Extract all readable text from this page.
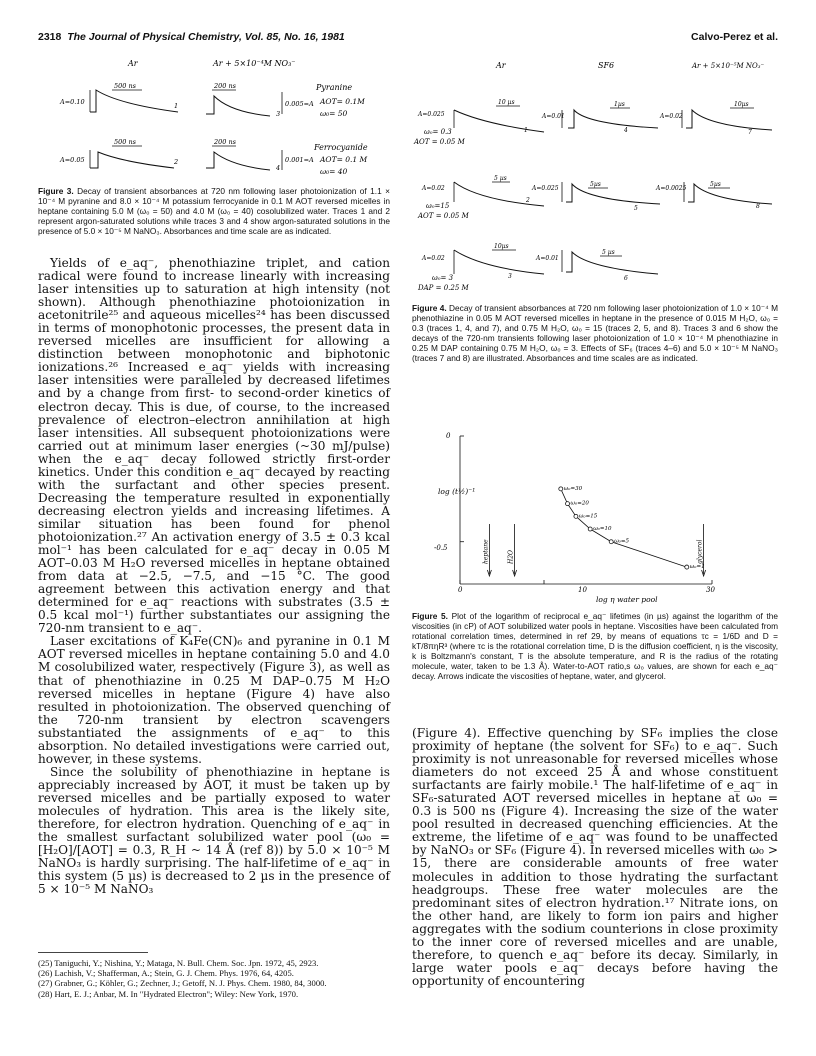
2318 The Journal of Physical Chemistry, Vol. 85, No. 16, 1981	Calvo-Perez et al.
Ar	Ar + 5×10⁻⁴M NO₃⁻
500 ns
A=0.10	1
200 ns
3
0.005=A
Pyranine
AOT= 0.1M
ω₀= 50
500 ns
A=0.05	2
200 ns
4
0.001=A
Ferrocyanide
AOT= 0.1 M
ω₀= 40
Figure 3. Decay of transient absorbances at 720 nm following laser photoionization of 1.1 × 10⁻⁴ M pyranine and 8.0 × 10⁻⁴ M potassium ferrocyanide in 0.1 M AOT reversed micelles in heptane containing 5.0 M (ω₀ = 50) and 4.0 M (ω₀ = 40) cosolubilized water. Traces 1 and 2 represent argon-saturated solutions while traces 3 and 4 show argon-saturated solutions in the presence of 5.0 × 10⁻⁵ M NaNO₃. Absorbances and time scale are as indicated.

Yields of e_aq⁻, phenothiazine triplet, and cation radical were found to increase linearly with increasing laser intensities up to saturation at high intensity (not shown). Although phenothiazine photoionization in acetonitrile²⁵ and aqueous micelles²⁴ has been discussed in terms of monophotonic processes, the present data in reversed micelles are insufficient for allowing a distinction between monophotonic and biphotonic ionizations.²⁶ Increased e_aq⁻ yields with increasing laser intensities were paralleled by decreased lifetimes and by a change from first- to second-order kinetics of electron decay. This is due, of course, to the increased prevalence of electron–electron annihilation at high laser intensities. All subsequent photoionizations were carried out at minimum laser energies (~30 mJ/pulse) when the e_aq⁻ decay followed strictly first-order kinetics. Under this condition e_aq⁻ decayed by reacting with the surfactant and other species present. Decreasing the temperature resulted in exponentially decreasing electron yields and increasing lifetimes. A similar situation has been found for phenol photoionization.²⁷ An activation energy of 3.5 ± 0.3 kcal mol⁻¹ has been calculated for e_aq⁻ decay in 0.05 M AOT–0.03 M H₂O reversed micelles in heptane obtained from data at −2.5, −7.5, and −15 °C. The good agreement between this activation energy and that determined for e_aq⁻ reactions with substrates (3.5 ± 0.5 kcal mol⁻¹) further substantiates our assigning the 720-nm transient to e_aq⁻.

Laser excitations of K₄Fe(CN)₆ and pyranine in 0.1 M AOT reversed micelles in heptane containing 5.0 and 4.0 M cosolubilized water, respectively (Figure 3), as well as that of phenothiazine in 0.25 M DAP–0.75 M H₂O reversed micelles in heptane (Figure 4) have also resulted in photoionization. The observed quenching of the 720-nm transient by electron scavengers substantiated the assignments of e_aq⁻ to this absorption. No detailed investigations were carried out, however, in these systems.

Since the solubility of phenothiazine in heptane is appreciably increased by AOT, it must be taken up by reversed micelles and be partially exposed to water molecules of hydration. This area is the likely site, therefore, for electron hydration. Quenching of e_aq⁻ in the smallest surfactant solubilized water pool (ω₀ = [H₂O]/[AOT] = 0.3, R_H ~ 14 Å (ref 8)) by 5.0 × 10⁻⁵ M NaNO₃ is hardly surprising. The half-lifetime of e_aq⁻ in this system (5 µs) is decreased to 2 µs in the presence of 5 × 10⁻⁵ M NaNO₃

(25) Taniguchi, Y.; Nishina, Y.; Mataga, N. Bull. Chem. Soc. Jpn. 1972, 45, 2923.
(26) Lachish, V.; Shafferman, A.; Stein, G. J. Chem. Phys. 1976, 64, 4205.
(27) Grabner, G.; Köhler, G.; Zechner, J.; Getoff, N. J. Phys. Chem. 1980, 84, 3000.
(28) Hart, E. J.; Anbar, M. In "Hydrated Electron"; Wiley: New York, 1970.
Ar	SF6	Ar + 5×10⁻⁵M NO₃⁻
A=0.025
10 µs
1
ω₀= 0.3
AOT = 0.05 M
A=0.01
1µs
4
A=0.02
10µs
7
A=0.02
5 µs
2
ω₀=15
AOT = 0.05 M
A=0.025
5µs
5
A=0.0025
5µs
8
A=0.02
10µs
3
ω₀= 3
DAP = 0.25 M
A=0.01
5 µs
6
Figure 4. Decay of transient absorbances at 720 nm following laser photoionization of 1.0 × 10⁻⁴ M phenothiazine in 0.05 M AOT reversed micelles in heptane in the presence of 0.015 M H₂O, ω₀ = 0.3 (traces 1, 4, and 7), and 0.75 M H₂O, ω₀ = 15 (traces 2, 5, and 8). Traces 3 and 6 show the decays of the 720-nm transients following laser photoionization of 1.0 × 10⁻⁴ M phenothiazine in 0.25 M DAP containing 0.75 M H₂O, ω₀ = 3. Effects of SF₆ (traces 4–6) and 5.0 × 10⁻⁵ M NaNO₃ (traces 7 and 8) are illustrated. Absorbances and time scales are as indicated.
ω₀=30
ω₀=20
ω₀=15
ω₀=10
ω₀=5
ω₀=1
heptane	H2O	glycerol
log (t½)⁻¹
log η water pool
0
-0.5
0	10	30
Figure 5. Plot of the logarithm of reciprocal e_aq⁻ lifetimes (in µs) against the logarithm of the viscosities (in cP) of AOT solubilized water pools in heptane. Viscosities have been calculated from rotational correlation times, determined in ref 29, by means of equations τc = 1/6D and D = kT/8πηR³ (where τc is the rotational correlation time, D is the diffusion coefficient, η is the viscosity, k is Boltzmann's constant, T is the absolute temperature, and R is the radius of the rotating molecule, water, taken to be 1.3 Å). Water-to-AOT ratio,s ω₀ values, are shown for each e_aq⁻ decay. Arrows indicate the viscosities of heptane, water, and glycerol.

(Figure 4). Effective quenching by SF₆ implies the close proximity of heptane (the solvent for SF₆) to e_aq⁻. Such proximity is not unreasonable for reversed micelles whose diameters do not exceed 25 Å and whose constituent surfactants are fairly mobile.¹ The half-lifetime of e_aq⁻ in SF₆-saturated AOT reversed micelles in heptane at ω₀ = 0.3 is 500 ns (Figure 4). Increasing the size of the water pool resulted in decreased quenching efficiencies. At the extreme, the lifetime of e_aq⁻ was found to be unaffected by NaNO₃ or SF₆ (Figure 4). In reversed micelles with ω₀ > 15, there are considerable amounts of free water molecules in addition to those hydrating the surfactant headgroups. These free water molecules are the predominant sites of electron hydration.¹⁷ Nitrate ions, on the other hand, are likely to form ion pairs and higher aggregates with the sodium counterions in close proximity to the inner core of reversed micelles and are unable, therefore, to quench e_aq⁻ before its decay. Similarly, in large water pools e_aq⁻ decays before having the opportunity of encountering
